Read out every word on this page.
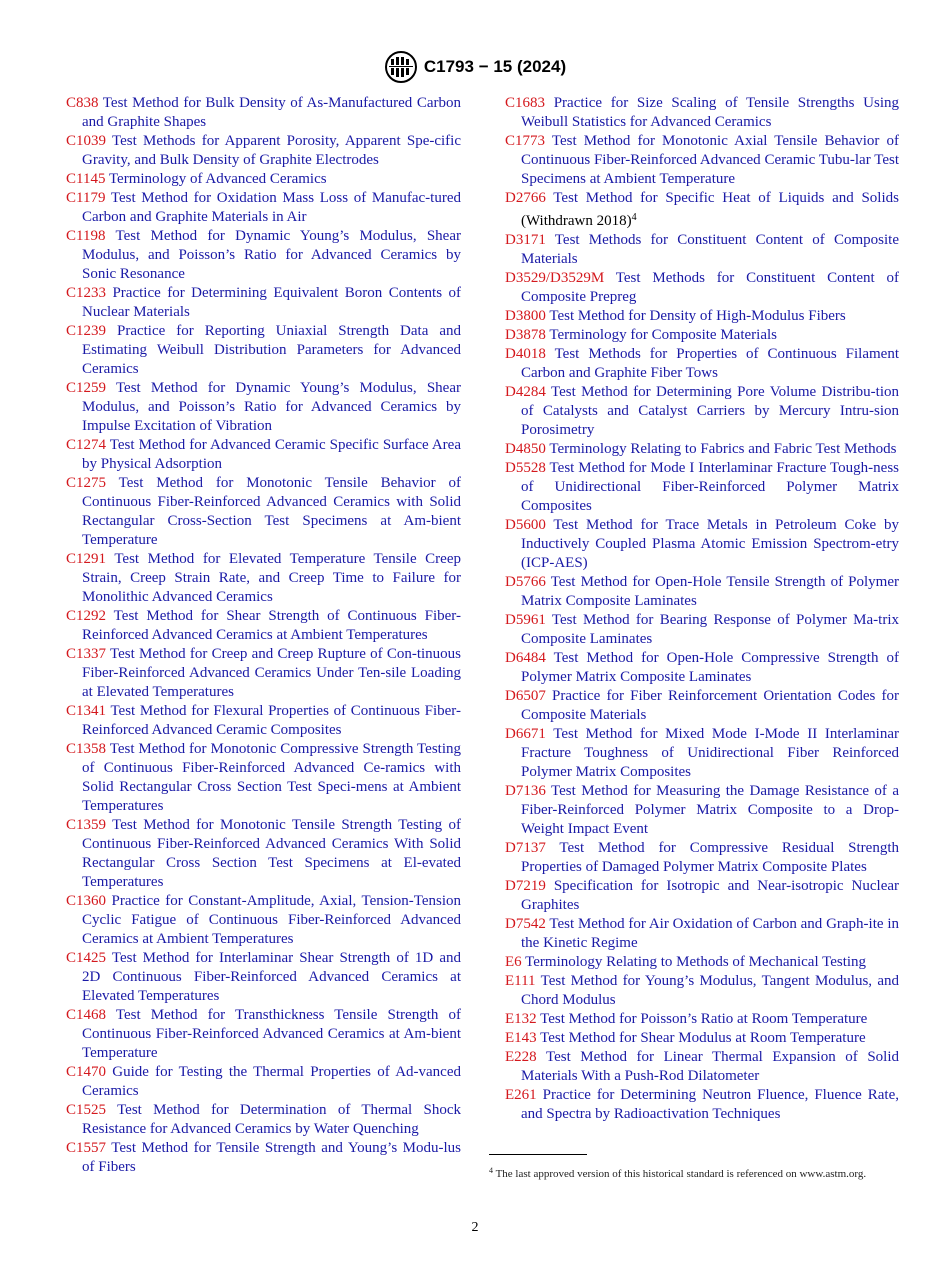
C1793 − 15 (2024)
C838 Test Method for Bulk Density of As-Manufactured Carbon and Graphite Shapes
C1039 Test Methods for Apparent Porosity, Apparent Spe-cific Gravity, and Bulk Density of Graphite Electrodes
C1145 Terminology of Advanced Ceramics
C1179 Test Method for Oxidation Mass Loss of Manufac-tured Carbon and Graphite Materials in Air
C1198 Test Method for Dynamic Young’s Modulus, Shear Modulus, and Poisson’s Ratio for Advanced Ceramics by Sonic Resonance
C1233 Practice for Determining Equivalent Boron Contents of Nuclear Materials
C1239 Practice for Reporting Uniaxial Strength Data and Estimating Weibull Distribution Parameters for Advanced Ceramics
C1259 Test Method for Dynamic Young’s Modulus, Shear Modulus, and Poisson’s Ratio for Advanced Ceramics by Impulse Excitation of Vibration
C1274 Test Method for Advanced Ceramic Specific Surface Area by Physical Adsorption
C1275 Test Method for Monotonic Tensile Behavior of Continuous Fiber-Reinforced Advanced Ceramics with Solid Rectangular Cross-Section Test Specimens at Am-bient Temperature
C1291 Test Method for Elevated Temperature Tensile Creep Strain, Creep Strain Rate, and Creep Time to Failure for Monolithic Advanced Ceramics
C1292 Test Method for Shear Strength of Continuous Fiber-Reinforced Advanced Ceramics at Ambient Temperatures
C1337 Test Method for Creep and Creep Rupture of Con-tinuous Fiber-Reinforced Advanced Ceramics Under Ten-sile Loading at Elevated Temperatures
C1341 Test Method for Flexural Properties of Continuous Fiber-Reinforced Advanced Ceramic Composites
C1358 Test Method for Monotonic Compressive Strength Testing of Continuous Fiber-Reinforced Advanced Ce-ramics with Solid Rectangular Cross Section Test Speci-mens at Ambient Temperatures
C1359 Test Method for Monotonic Tensile Strength Testing of Continuous Fiber-Reinforced Advanced Ceramics With Solid Rectangular Cross Section Test Specimens at El-evated Temperatures
C1360 Practice for Constant-Amplitude, Axial, Tension-Tension Cyclic Fatigue of Continuous Fiber-Reinforced Advanced Ceramics at Ambient Temperatures
C1425 Test Method for Interlaminar Shear Strength of 1D and 2D Continuous Fiber-Reinforced Advanced Ceramics at Elevated Temperatures
C1468 Test Method for Transthickness Tensile Strength of Continuous Fiber-Reinforced Advanced Ceramics at Am-bient Temperature
C1470 Guide for Testing the Thermal Properties of Ad-vanced Ceramics
C1525 Test Method for Determination of Thermal Shock Resistance for Advanced Ceramics by Water Quenching
C1557 Test Method for Tensile Strength and Young’s Modu-lus of Fibers
C1683 Practice for Size Scaling of Tensile Strengths Using Weibull Statistics for Advanced Ceramics
C1773 Test Method for Monotonic Axial Tensile Behavior of Continuous Fiber-Reinforced Advanced Ceramic Tubu-lar Test Specimens at Ambient Temperature
D2766 Test Method for Specific Heat of Liquids and Solids (Withdrawn 2018)$^4$
D3171 Test Methods for Constituent Content of Composite Materials
D3529/D3529M Test Methods for Constituent Content of Composite Prepreg
D3800 Test Method for Density of High-Modulus Fibers
D3878 Terminology for Composite Materials
D4018 Test Methods for Properties of Continuous Filament Carbon and Graphite Fiber Tows
D4284 Test Method for Determining Pore Volume Distribu-tion of Catalysts and Catalyst Carriers by Mercury Intru-sion Porosimetry
D4850 Terminology Relating to Fabrics and Fabric Test Methods
D5528 Test Method for Mode I Interlaminar Fracture Tough-ness of Unidirectional Fiber-Reinforced Polymer Matrix Composites
D5600 Test Method for Trace Metals in Petroleum Coke by Inductively Coupled Plasma Atomic Emission Spectrom-etry (ICP-AES)
D5766 Test Method for Open-Hole Tensile Strength of Polymer Matrix Composite Laminates
D5961 Test Method for Bearing Response of Polymer Ma-trix Composite Laminates
D6484 Test Method for Open-Hole Compressive Strength of Polymer Matrix Composite Laminates
D6507 Practice for Fiber Reinforcement Orientation Codes for Composite Materials
D6671 Test Method for Mixed Mode I-Mode II Interlaminar Fracture Toughness of Unidirectional Fiber Reinforced Polymer Matrix Composites
D7136 Test Method for Measuring the Damage Resistance of a Fiber-Reinforced Polymer Matrix Composite to a Drop-Weight Impact Event
D7137 Test Method for Compressive Residual Strength Properties of Damaged Polymer Matrix Composite Plates
D7219 Specification for Isotropic and Near-isotropic Nuclear Graphites
D7542 Test Method for Air Oxidation of Carbon and Graph-ite in the Kinetic Regime
E6 Terminology Relating to Methods of Mechanical Testing
E111 Test Method for Young’s Modulus, Tangent Modulus, and Chord Modulus
E132 Test Method for Poisson’s Ratio at Room Temperature
E143 Test Method for Shear Modulus at Room Temperature
E228 Test Method for Linear Thermal Expansion of Solid Materials With a Push-Rod Dilatometer
E261 Practice for Determining Neutron Fluence, Fluence Rate, and Spectra by Radioactivation Techniques
$^4$ The last approved version of this historical standard is referenced on www.astm.org.
2
